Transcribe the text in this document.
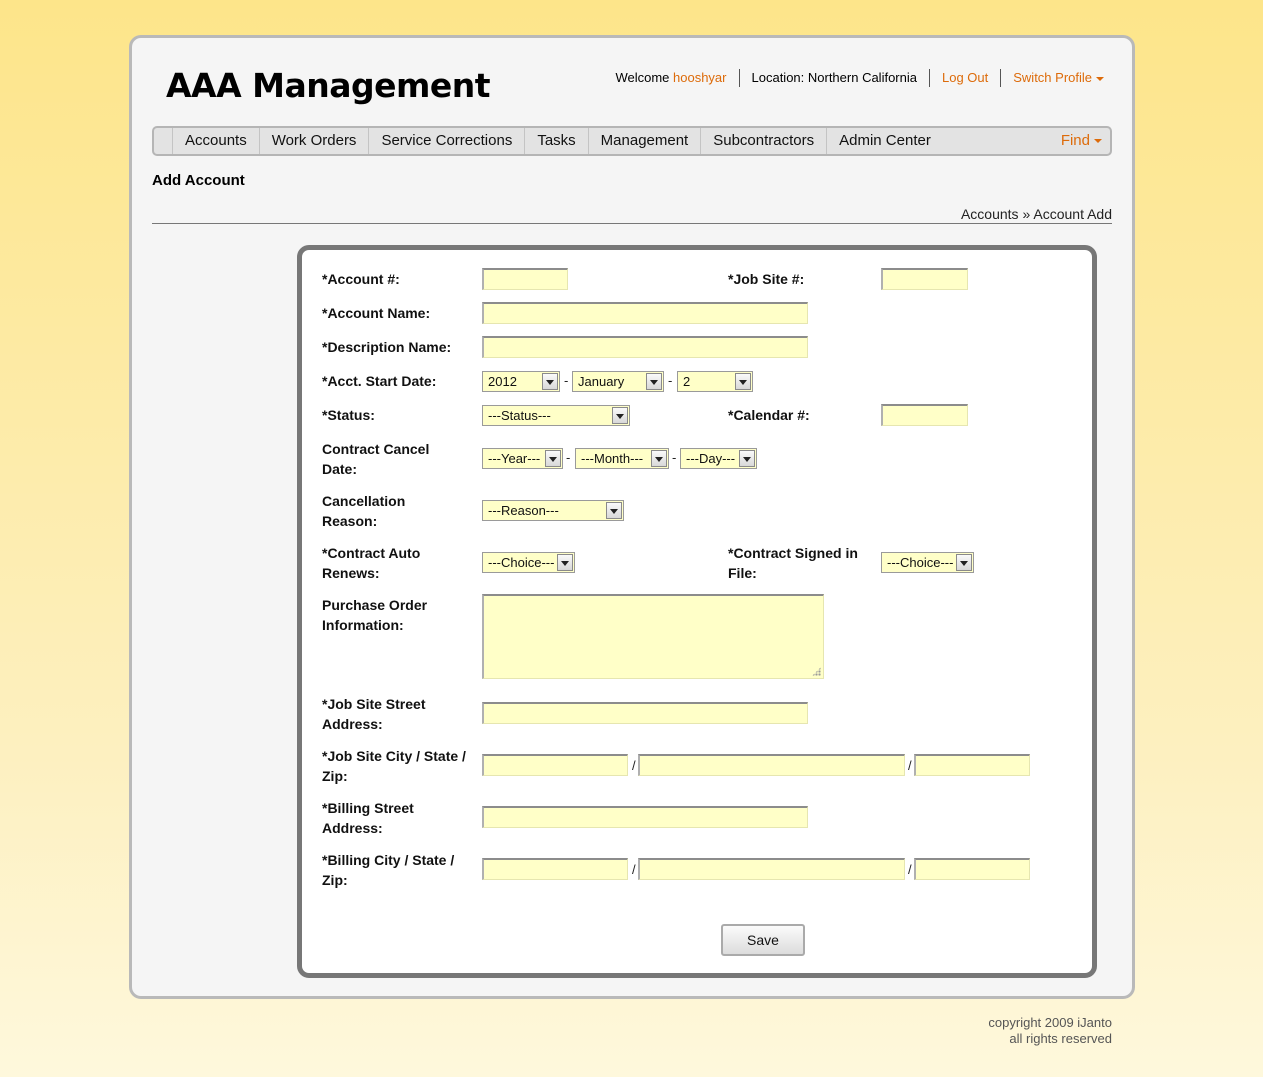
AAA Management	Welcome hooshyar	Location: Northern California	Log Out	Switch Profile
Accounts	Work Orders	Service Corrections	Tasks	Management	Subcontractors	Admin Center	Find
Add Account
Accounts » Account Add
*Account #:	*Job Site #:
*Account Name:
*Description Name:
*Acct. Start Date:	2012	- January	- 2
*Status:	---Status---	*Calendar #:
Contract Cancel Date:
---Year---	- ---Month---	- ---Day---
Cancellation Reason:
---Reason---
*Contract Auto Renews:
---Choice---
*Contract Signed in File:
---Choice---
Purchase Order Information:
*Job Site Street Address:
*Job Site City / State / Zip:
/	/
*Billing Street Address:
*Billing City / State / Zip:
/	/
Save
copyright 2009 iJanto
all rights reserved
